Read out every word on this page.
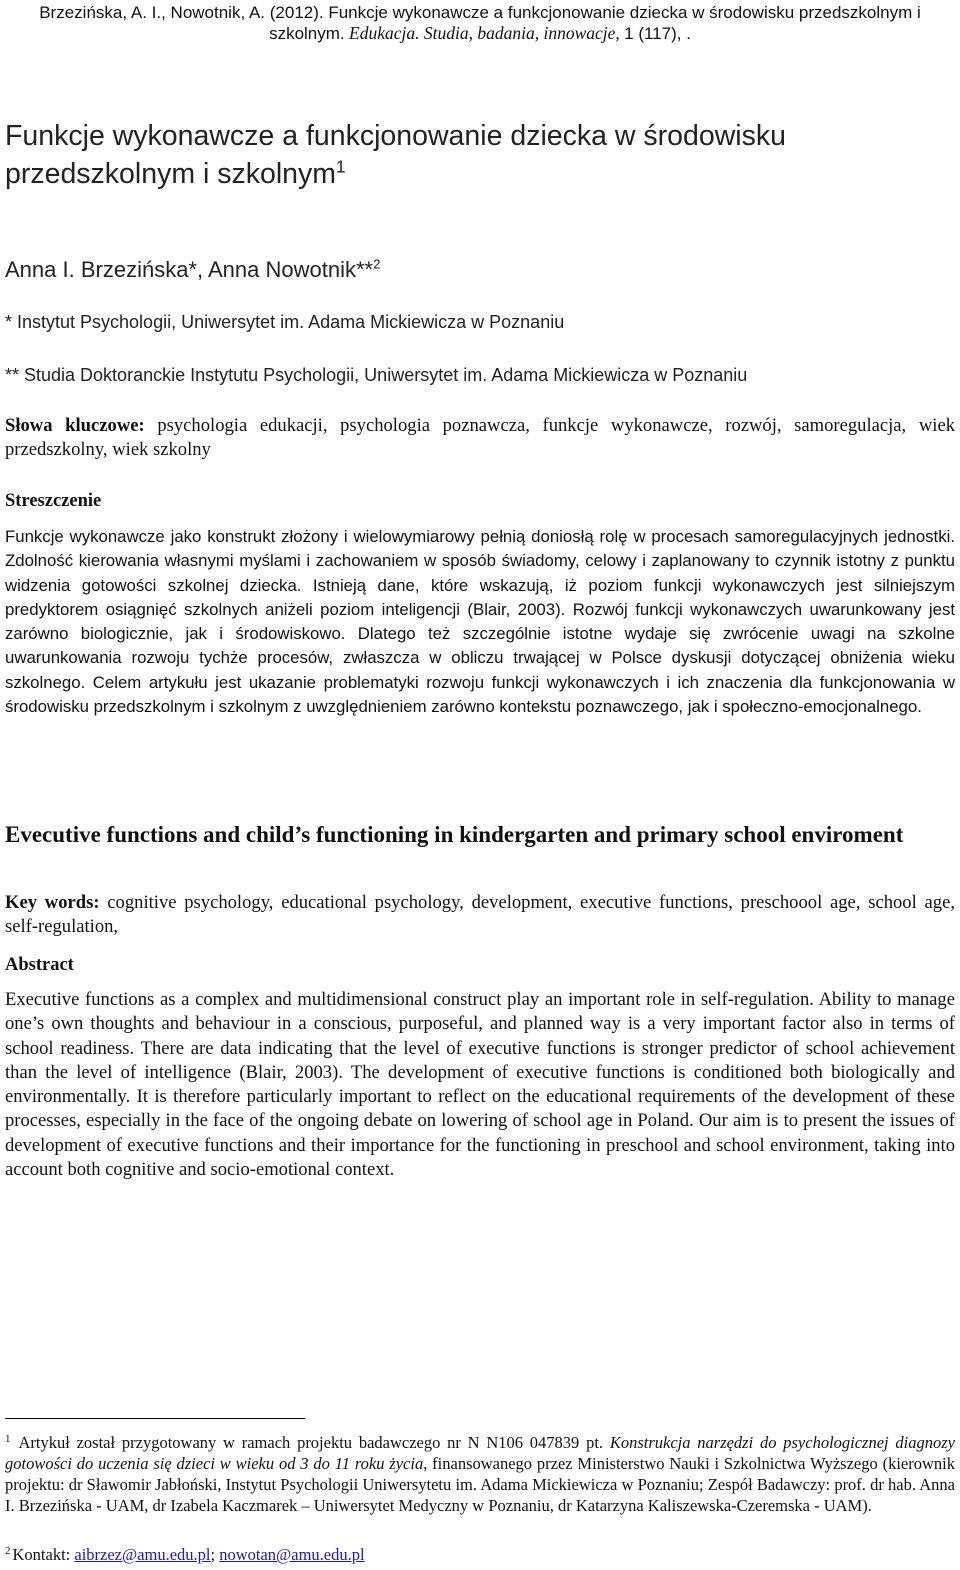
Brzezińska, A. I., Nowotnik, A. (2012). Funkcje wykonawcze a funkcjonowanie dziecka w środowisku przedszkolnym i szkolnym. Edukacja. Studia, badania, innowacje, 1 (117), .
Funkcje wykonawcze a funkcjonowanie dziecka w środowisku
przedszkolnym i szkolnym$^1$
Anna I. Brzezińska*, Anna Nowotnik**$^2$
* Instytut Psychologii, Uniwersytet im. Adama Mickiewicza w Poznaniu
** Studia Doktoranckie Instytutu Psychologii, Uniwersytet im. Adama Mickiewicza w Poznaniu
Słowa kluczowe: psychologia edukacji, psychologia poznawcza, funkcje wykonawcze, rozwój, samoregulacja, wiek przedszkolny, wiek szkolny
Streszczenie
Funkcje wykonawcze jako konstrukt złożony i wielowymiarowy pełnią doniosłą rolę w procesach samoregulacyjnych jednostki. Zdolność kierowania własnymi myślami i zachowaniem w sposób świadomy, celowy i zaplanowany to czynnik istotny z punktu widzenia gotowości szkolnej dziecka. Istnieją dane, które wskazują, iż poziom funkcji wykonawczych jest silniejszym predyktorem osiągnięć szkolnych aniżeli poziom inteligencji (Blair, 2003). Rozwój funkcji wykonawczych uwarunkowany jest zarówno biologicznie, jak i środowiskowo. Dlatego też szczególnie istotne wydaje się zwrócenie uwagi na szkolne uwarunkowania rozwoju tychże procesów, zwłaszcza w obliczu trwającej w Polsce dyskusji dotyczącej obniżenia wieku szkolnego. Celem artykułu jest ukazanie problematyki rozwoju funkcji wykonawczych i ich znaczenia dla funkcjonowania w środowisku przedszkolnym i szkolnym z uwzględnieniem zarówno kontekstu poznawczego, jak i społeczno-emocjonalnego.
Evecutive functions and child’s functioning in kindergarten and primary school enviroment
Key words: cognitive psychology, educational psychology, development, executive functions, preschoool age, school age, self-regulation,
Abstract
Executive functions as a complex and multidimensional construct play an important role in self-regulation. Ability to manage one’s own thoughts and behaviour in a conscious, purposeful, and planned way is a very important factor also in terms of school readiness. There are data indicating that the level of executive functions is stronger predictor of school achievement than the level of intelligence (Blair, 2003). The development of executive functions is conditioned both biologically and environmentally. It is therefore particularly important to reflect on the educational requirements of the development of these processes, especially in the face of the ongoing debate on lowering of school age in Poland. Our aim is to present the issues of development of executive functions and their importance for the functioning in preschool and school environment, taking into account both cognitive and socio-emotional context.
$^1$ Artykuł został przygotowany w ramach projektu badawczego nr N N106 047839 pt. Konstrukcja narzędzi do psychologicznej diagnozy gotowości do uczenia się dzieci w wieku od 3 do 11 roku życia, finansowanego przez Ministerstwo Nauki i Szkolnictwa Wyższego (kierownik projektu: dr Sławomir Jabłoński, Instytut Psychologii Uniwersytetu im. Adama Mickiewicza w Poznaniu; Zespół Badawczy: prof. dr hab. Anna I. Brzezińska - UAM, dr Izabela Kaczmarek – Uniwersytet Medyczny w Poznaniu, dr Katarzyna Kaliszewska-Czeremska - UAM).
$^2$ Kontakt: aibrzez@amu.edu.pl; nowotan@amu.edu.pl
